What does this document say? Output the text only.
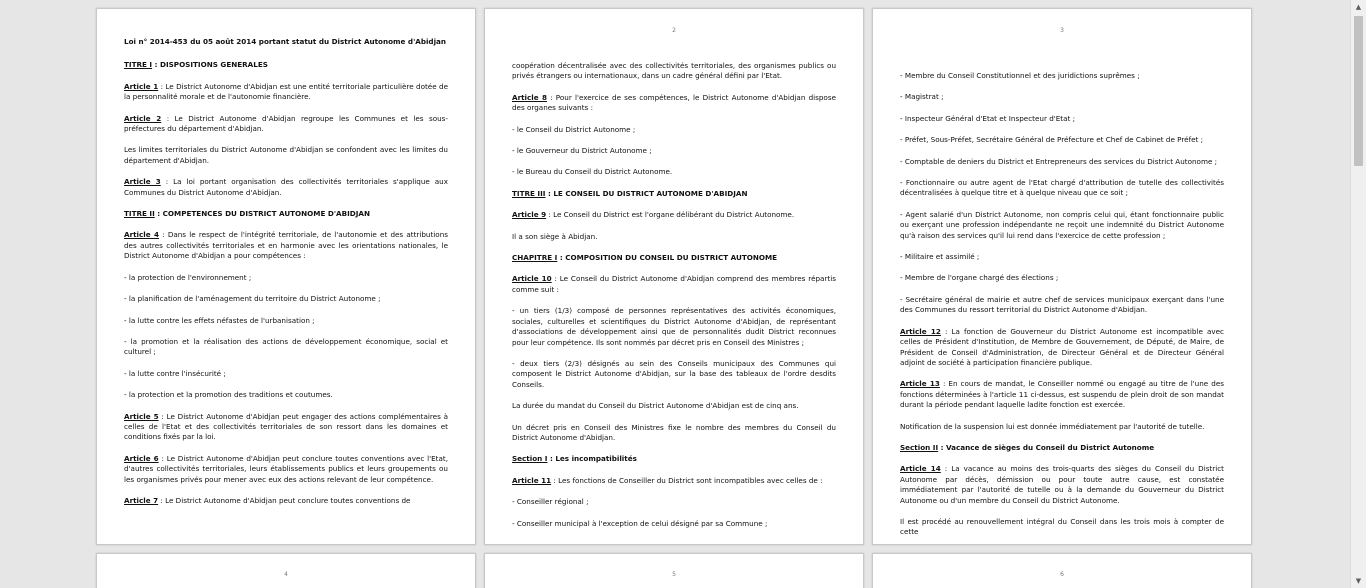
Loi n° 2014-453 du 05 août 2014 portant statut du District Autonome d'Abidjan

TITRE I : DISPOSITIONS GENERALES

Article 1 : Le District Autonome d'Abidjan est une entité territoriale particulière dotée de la personnalité morale et de l'autonomie financière.

Article 2 : Le District Autonome d'Abidjan regroupe les Communes et les sous-préfectures du département d'Abidjan.

Les limites territoriales du District Autonome d'Abidjan se confondent avec les limites du département d'Abidjan.

Article 3 : La loi portant organisation des collectivités territoriales s'applique aux Communes du District Autonome d'Abidjan.

TITRE II : COMPETENCES DU DISTRICT AUTONOME D'ABIDJAN

Article 4 : Dans le respect de l'intégrité territoriale, de l'autonomie et des attributions des autres collectivités territoriales et en harmonie avec les orientations nationales, le District Autonome d'Abidjan a pour compétences :

- la protection de l'environnement ;

- la planification de l'aménagement du territoire du District Autonome ;

- la lutte contre les effets néfastes de l'urbanisation ;

- la promotion et la réalisation des actions de développement économique, social et culturel ;

- la lutte contre l'insécurité ;

- la protection et la promotion des traditions et coutumes.

Article 5 : Le District Autonome d'Abidjan peut engager des actions complémentaires à celles de l'Etat et des collectivités territoriales de son ressort dans les domaines et conditions fixés par la loi.

Article 6 : Le District Autonome d'Abidjan peut conclure toutes conventions avec l'Etat, d'autres collectivités territoriales, leurs établissements publics et leurs groupements ou les organismes privés pour mener avec eux des actions relevant de leur compétence.

Article 7 : Le District Autonome d'Abidjan peut conclure toutes conventions de

2

coopération décentralisée avec des collectivités territoriales, des organismes publics ou privés étrangers ou internationaux, dans un cadre général défini par l'Etat.

Article 8 : Pour l'exercice de ses compétences, le District Autonome d'Abidjan dispose des organes suivants :

- le Conseil du District Autonome ;

- le Gouverneur du District Autonome ;

- le Bureau du Conseil du District Autonome.

TITRE III : LE CONSEIL DU DISTRICT AUTONOME D'ABIDJAN

Article 9 : Le Conseil du District est l'organe délibérant du District Autonome.

Il a son siège à Abidjan.

CHAPITRE I : COMPOSITION DU CONSEIL DU DISTRICT AUTONOME

Article 10 : Le Conseil du District Autonome d'Abidjan comprend des membres répartis comme suit :

- un tiers (1/3) composé de personnes représentatives des activités économiques, sociales, culturelles et scientifiques du District Autonome d'Abidjan, de représentant d'associations de développement ainsi que de personnalités dudit District reconnues pour leur compétence. Ils sont nommés par décret pris en Conseil des Ministres ;

- deux tiers (2/3) désignés au sein des Conseils municipaux des Communes qui composent le District Autonome d'Abidjan, sur la base des tableaux de l'ordre desdits Conseils.

La durée du mandat du Conseil du District Autonome d'Abidjan est de cinq ans.

Un décret pris en Conseil des Ministres fixe le nombre des membres du Conseil du District Autonome d'Abidjan.

Section I : Les incompatibilités

Article 11 : Les fonctions de Conseiller du District sont incompatibles avec celles de :

- Conseiller régional ;

- Conseiller municipal à l'exception de celui désigné par sa Commune ;

3

- Membre du Conseil Constitutionnel et des juridictions suprêmes ;

- Magistrat ;

- Inspecteur Général d'Etat et Inspecteur d'Etat ;

- Préfet, Sous-Préfet, Secrétaire Général de Préfecture et Chef de Cabinet de Préfet ;

- Comptable de deniers du District et Entrepreneurs des services du District Autonome ;

- Fonctionnaire ou autre agent de l'Etat chargé d'attribution de tutelle des collectivités décentralisées à quelque titre et à quelque niveau que ce soit ;

- Agent salarié d'un District Autonome, non compris celui qui, étant fonctionnaire public ou exerçant une profession indépendante ne reçoit une indemnité du District Autonome qu'à raison des services qu'il lui rend dans l'exercice de cette profession ;

- Militaire et assimilé ;

- Membre de l'organe chargé des élections ;

- Secrétaire général de mairie et autre chef de services municipaux exerçant dans l'une des Communes du ressort territorial du District Autonome d'Abidjan.

Article 12 : La fonction de Gouverneur du District Autonome est incompatible avec celles de Président d'Institution, de Membre de Gouvernement, de Député, de Maire, de Président de Conseil d'Administration, de Directeur Général et de Directeur Général adjoint de société à participation financière publique.

Article 13 : En cours de mandat, le Conseiller nommé ou engagé au titre de l'une des fonctions déterminées à l'article 11 ci-dessus, est suspendu de plein droit de son mandat durant la période pendant laquelle ladite fonction est exercée.

Notification de la suspension lui est donnée immédiatement par l'autorité de tutelle.

Section II : Vacance de sièges du Conseil du District Autonome

Article 14 : La vacance au moins des trois-quarts des sièges du Conseil du District Autonome par décès, démission ou pour toute autre cause, est constatée immédiatement par l'autorité de tutelle ou à la demande du Gouverneur du District Autonome ou d'un membre du Conseil du District Autonome.

Il est procédé au renouvellement intégral du Conseil dans les trois mois à compter de cette

4	5	6
▲
▼
